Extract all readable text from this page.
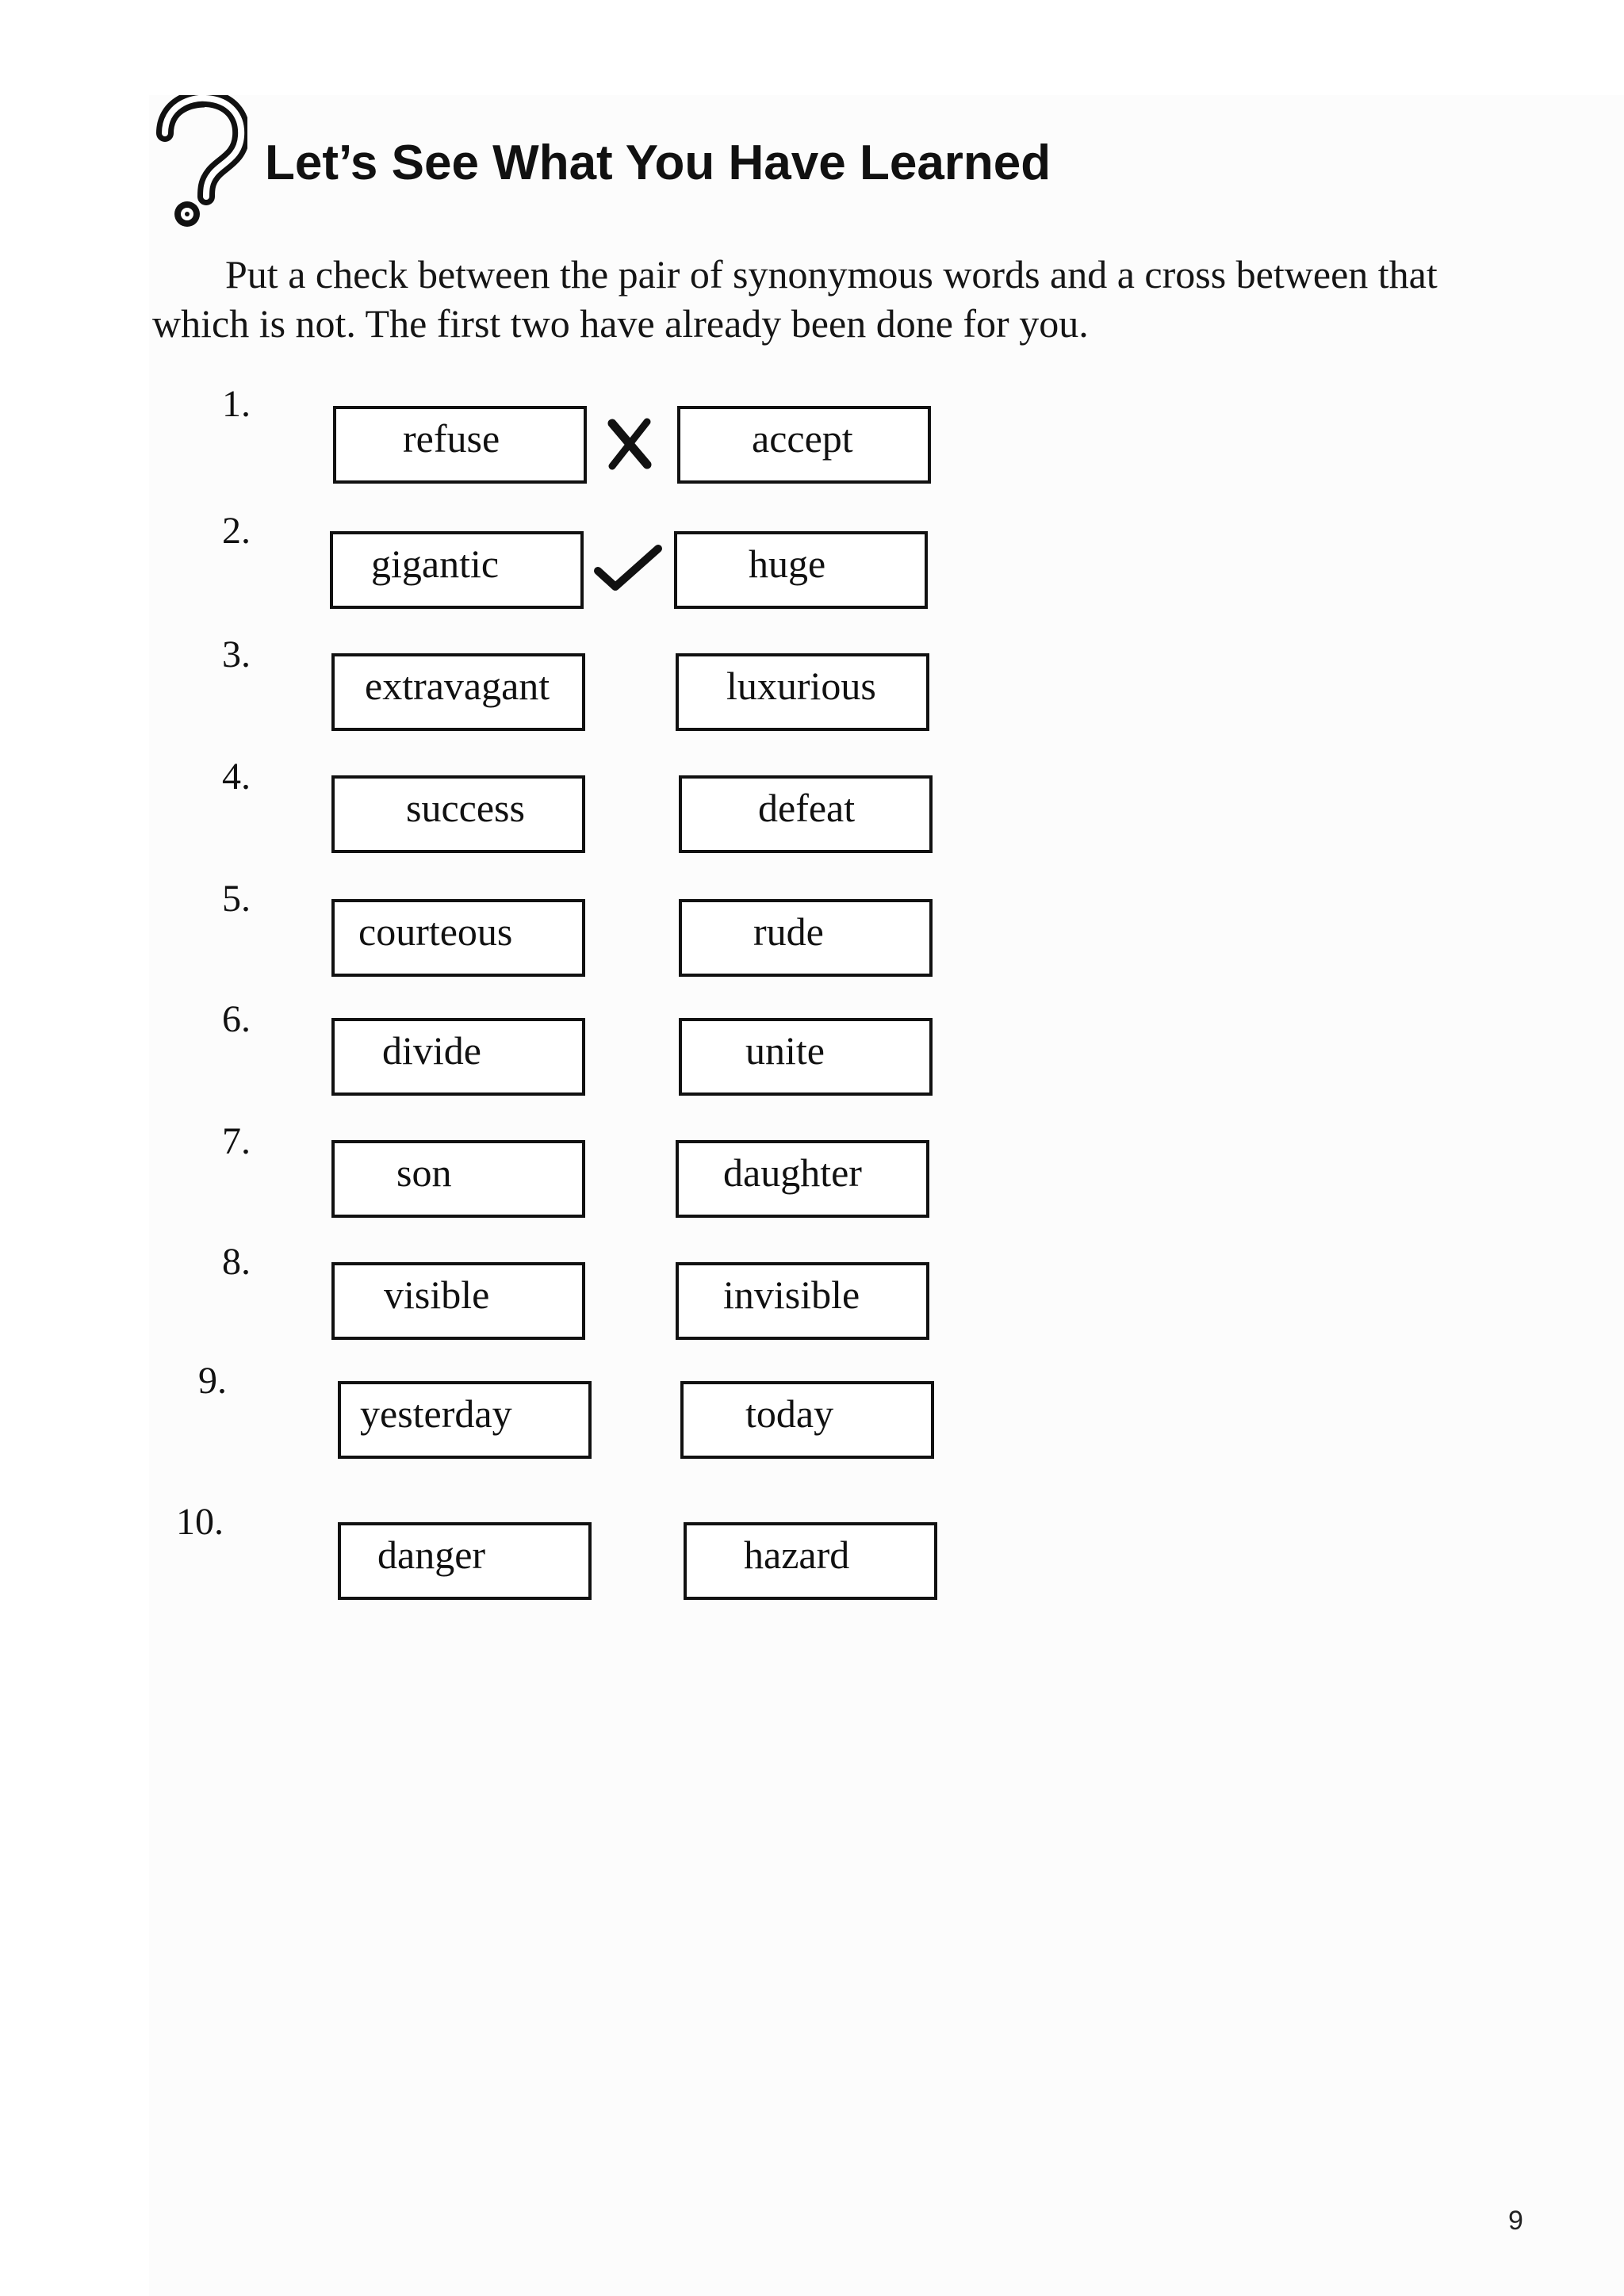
Let’s See What You Have Learned

Put a check between the pair of synonymous words and a cross between that which is not. The first two have already been done for you.

1.
refuse	accept
2.
gigantic	huge
3.
extravagant	luxurious
4.
success	defeat
5.
courteous	rude
6.
divide	unite
7.
son	daughter
8.
visible	invisible
9.
yesterday	today
10.
danger	hazard
9
